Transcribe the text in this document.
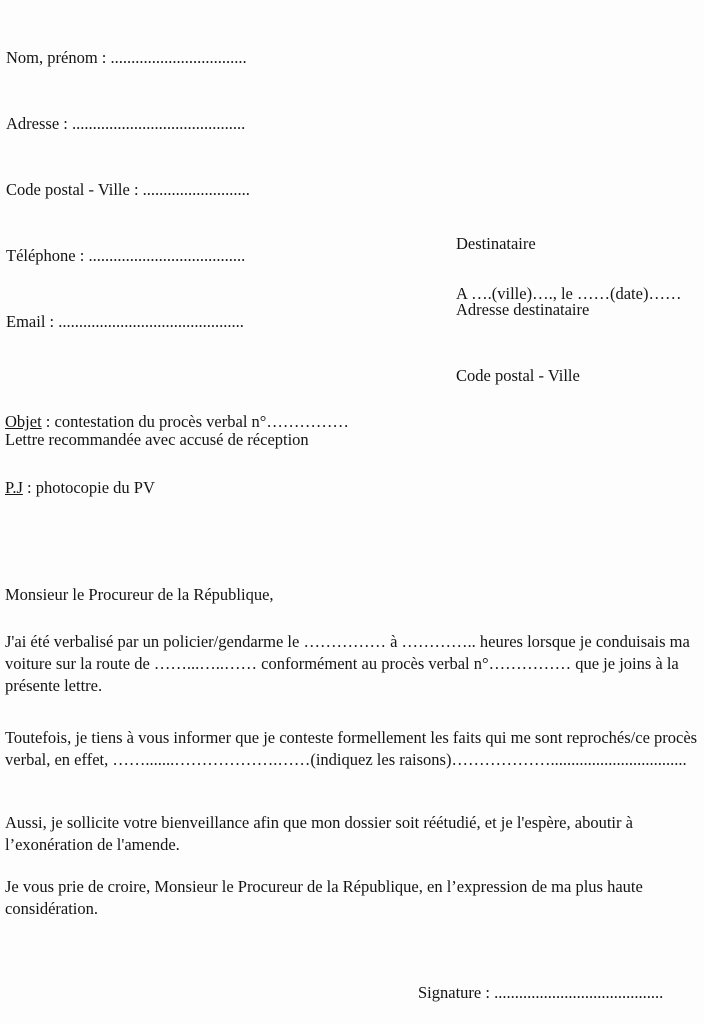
Nom, prénom : .................................

Adresse : ..........................................

Code postal - Ville : ..........................

Téléphone : ......................................

Email : .............................................

Destinataire

Adresse destinataire

Code postal - Ville

A ….(ville)…., le ……(date)……

Objet : contestation du procès verbal n°……………

P.J : photocopie du PV

Lettre recommandée avec accusé de réception
Monsieur le Procureur de la République,
J'ai été verbalisé par un policier/gendarme le …………… à ………….. heures lorsque je conduisais ma voiture sur la route de ……...…..…… conformément au procès verbal n°…………… que je joins à la présente lettre.
Toutefois, je tiens à vous informer que je conteste formellement les faits qui me sont reprochés/ce procès verbal, en effet, …….......……………….……(indiquez les raisons)……………….................................
Aussi, je sollicite votre bienveillance afin que mon dossier soit réétudié, et je l'espère, aboutir à l’exonération de l'amende.
Je vous prie de croire, Monsieur le Procureur de la République, en l’expression de ma plus haute considération.
Signature : .........................................
